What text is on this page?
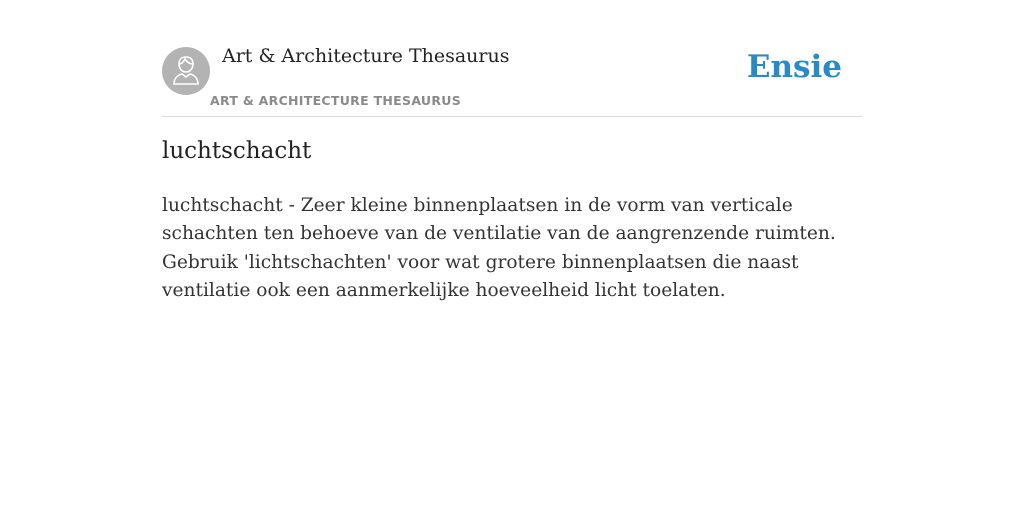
Art & Architecture Thesaurus
ART & ARCHITECTURE THESAURUS
Ensie
luchtschacht

luchtschacht - Zeer kleine binnenplaatsen in de vorm van verticale schachten ten behoeve van de ventilatie van de aangrenzende ruimten. Gebruik 'lichtschachten' voor wat grotere binnenplaatsen die naast ventilatie ook een aanmerkelijke hoeveelheid licht toelaten.
